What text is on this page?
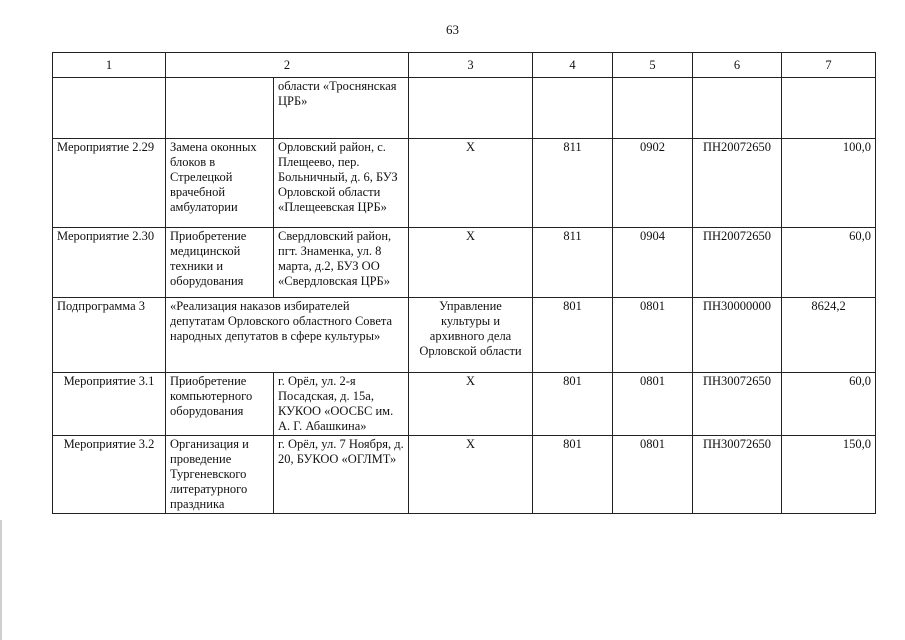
63
1	2		3	4	5	6	7
		области «Троснянская ЦРБ»					
Мероприятие 2.29	Замена оконных блоков в Стрелецкой врачебной амбулатории	Орловский район, с. Плещеево, пер. Больничный, д. 6, БУЗ Орловской области «Плещеевская ЦРБ»	Х	811	0902	ПН20072650	100,0
Мероприятие 2.30	Приобретение медицинской техники и оборудования	Свердловский район, пгт. Знаменка, ул. 8 марта, д.2, БУЗ ОО «Свердловская ЦРБ»	Х	811	0904	ПН20072650	60,0
Подпрограмма 3	«Реализация наказов избирателей депутатам Орловского областного Совета народных депутатов в сфере культуры»		Управление культуры и архивного дела Орловской области	801	0801	ПН30000000	8624,2
Мероприятие 3.1	Приобретение компьютерного оборудования	г. Орёл, ул. 2-я Посадская, д. 15а, КУКОО «ООСБС им. А. Г. Абашкина»	Х	801	0801	ПН30072650	60,0
Мероприятие 3.2	Организация и проведение Тургеневского литературного праздника	г. Орёл, ул. 7 Ноября, д. 20, БУКОО «ОГЛМТ»	Х	801	0801	ПН30072650	150,0
